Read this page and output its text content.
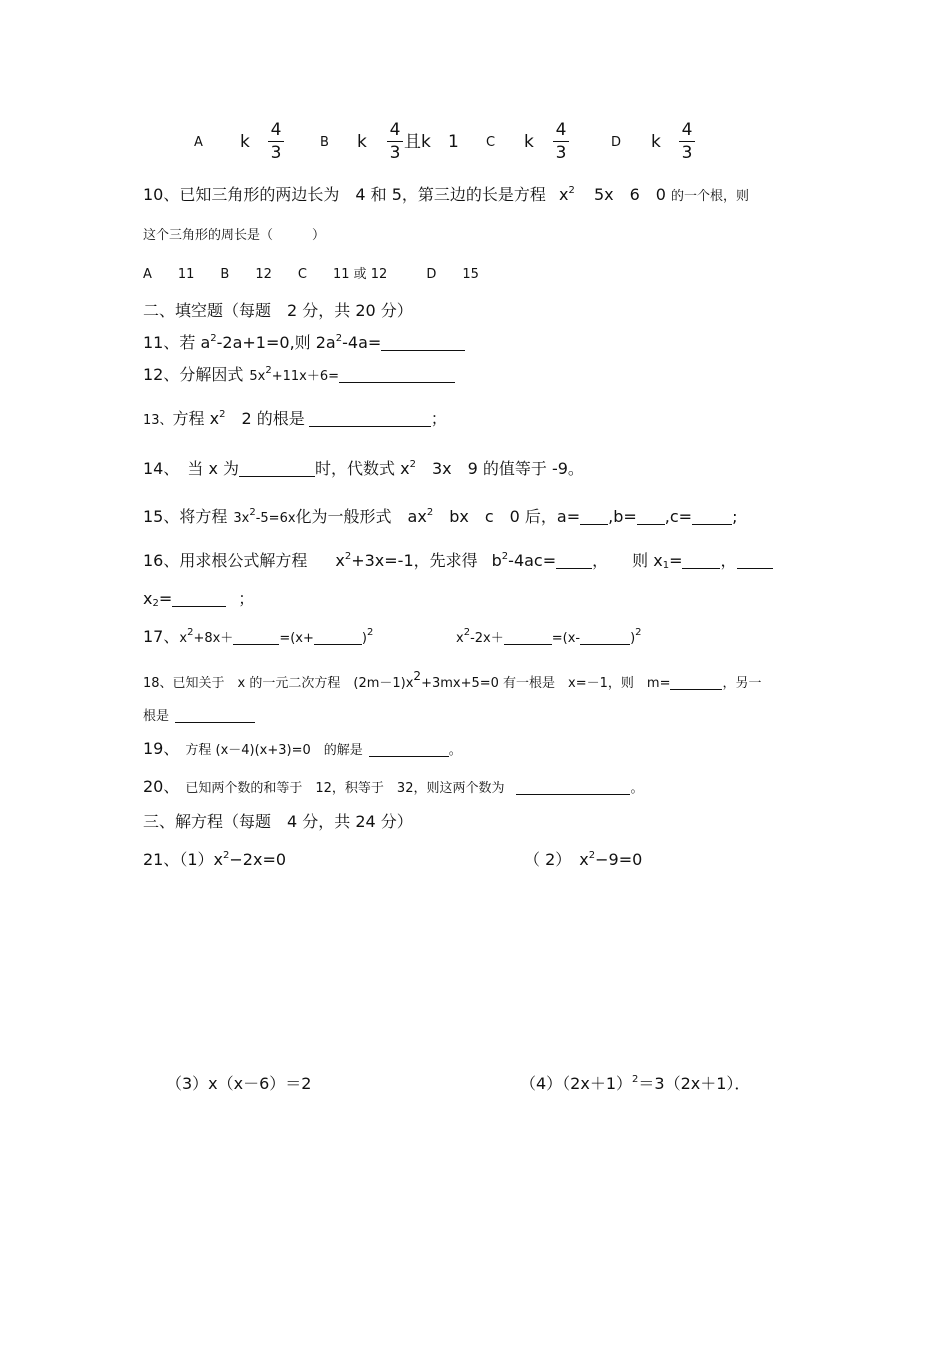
A k
4
3
B k
4
3
且k 1 C k
4
3
D k
4
3
10、已知三角形的两边长为　4 和 5，第三边的长是方程 $x^2$ 5x　6　0 的一个根，则
这个三角形的周长是（　　　）
A　　11　　B　　12　　C　　11 或 12　　　D　　15
二、填空题（每题　2 分，共 20 分）
11、若 $a^2-2a+1=0$,则 $2a^2-4a=$
12、分解因式 $5x^2+11x+6=$
13、方程 $x^2$　2 的根是	；
14、　当 x 为	时，代数式 $x^2$　3x　9 的值等于 -9。
15、将方程 $3x^2-5=6x$化为一般形式　$ax^2$　bx　c　0 后，a= ,b= ,c=	;
16、用求根公式解方程 $x^2+3x=-1$，先求得 $b^2-4ac=$ ，　　则 $x_1=$ ，
$x_2=$	；
17、$x^2+8x+$	=(x+	)$^2$	$x^2-2x+$	=(x-	)$^2$
18、已知关于　x 的一元二次方程　$(2m-1)x^2+3mx+5=0$ 有一根是　x=－1，则　m=	，另一
根是
19、 方程 (x－4)(x+3)=0　的解是	。
20、 已知两个数的和等于　12，积等于　32，则这两个数为	。
三、解方程（每题　4 分，共 24 分）
21、$(1)x^2-2x=0$	（ 2）　$x^2-9=0$
（3）x（x－6）＝2	$(4)(2x+1)^2=3(2x+1)$．
